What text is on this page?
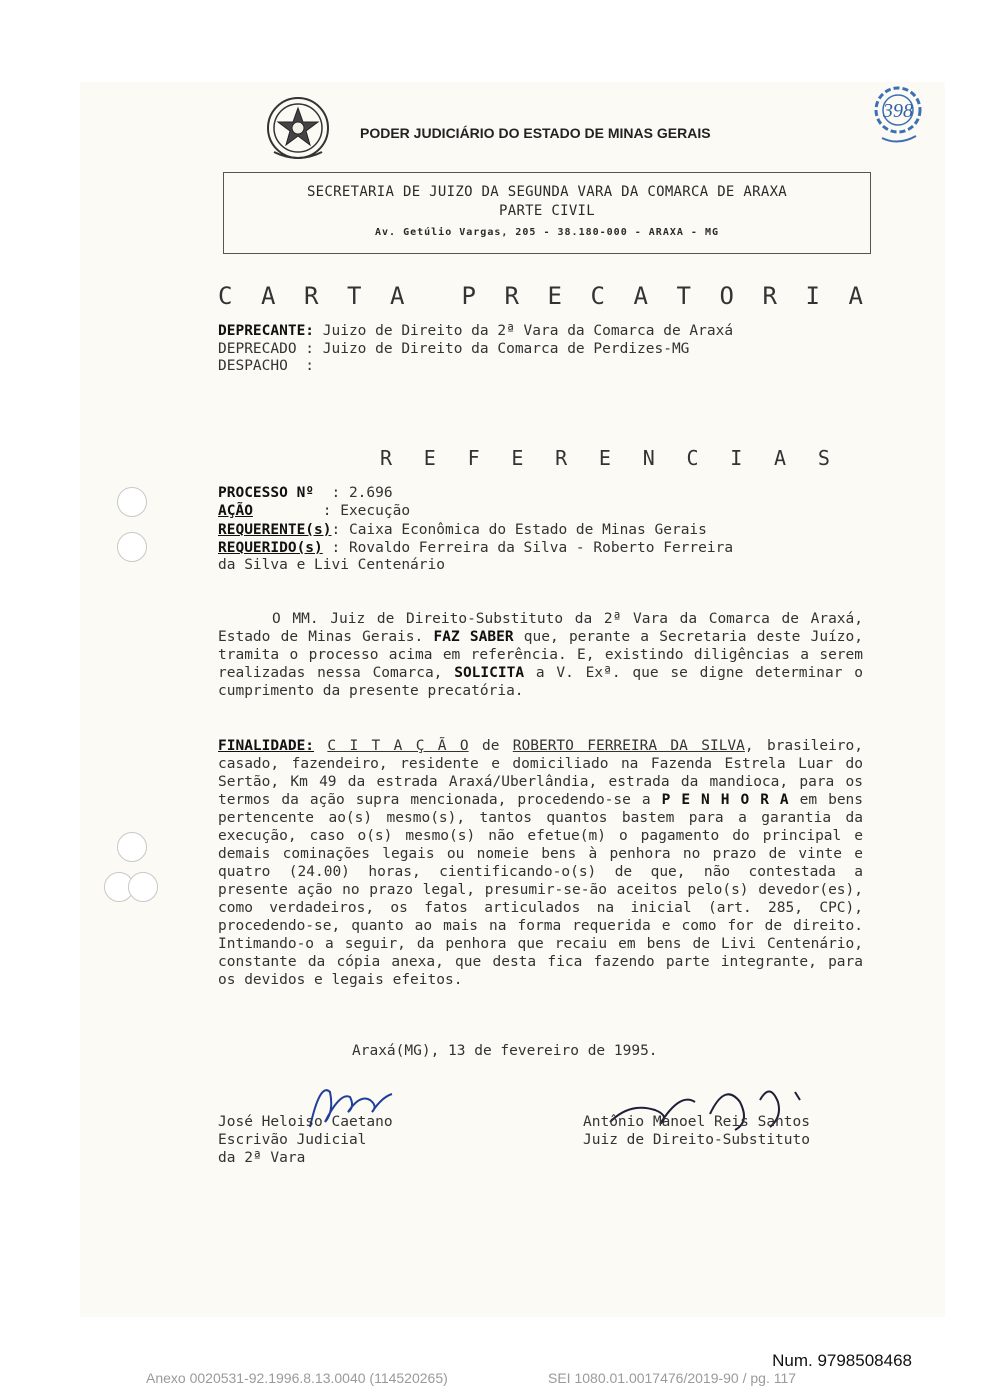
PODER JUDICIÁRIO DO ESTADO DE MINAS GERAIS
398
SECRETARIA DE JUIZO DA SEGUNDA VARA DA COMARCA DE ARAXA
PARTE CIVIL
Av. Getúlio Vargas, 205 - 38.180-000 - ARAXA - MG
C A R T A P R E C A T O R I A
DEPRECANTE: Juizo de Direito da 2ª Vara da Comarca de Araxá
DEPRECADO : Juizo de Direito da Comarca de Perdizes-MG
DESPACHO  :
R E F E R E N C I A S
PROCESSO Nº  : 2.696
AÇÃO        : Execução
REQUERENTE(s): Caixa Econômica do Estado de Minas Gerais
REQUERIDO(s) : Rovaldo Ferreira da Silva - Roberto Ferreira
da Silva e Livi Centenário
O MM. Juiz de Direito-Substituto da 2ª Vara da Comarca de Araxá, Estado de Minas Gerais. FAZ SABER que, perante a Secretaria deste Juízo, tramita o processo acima em referência. E, existindo diligências a serem realizadas nessa Comarca, SOLICITA a V. Exª. que se digne determinar o cumprimento da presente precatória.
FINALIDADE: C I T A Ç Ã O de ROBERTO FERREIRA DA SILVA, brasileiro, casado, fazendeiro, residente e domiciliado na Fazenda Estrela Luar do Sertão, Km 49 da estrada Araxá/Uberlândia, estrada da mandioca, para os termos da ação supra mencionada, procedendo-se a P E N H O R A em bens pertencente ao(s) mesmo(s), tantos quantos bastem para a garantia da execução, caso o(s) mesmo(s) não efetue(m) o pagamento do principal e demais cominações legais ou nomeie bens à penhora no prazo de vinte e quatro (24.00) horas, cientificando-o(s) de que, não contestada a presente ação no prazo legal, presumir-se-ão aceitos pelo(s) devedor(es), como verdadeiros, os fatos articulados na inicial (art. 285, CPC), procedendo-se, quanto ao mais na forma requerida e como for de direito. Intimando-o a seguir, da penhora que recaiu em bens de Livi Centenário, constante da cópia anexa, que desta fica fazendo parte integrante, para os devidos e legais efeitos.
Araxá(MG), 13 de fevereiro de 1995.
José Heloiso Caetano
Escrivão Judicial
da 2ª Vara
Antônio Manoel Reis Santos
Juiz de Direito-Substituto
Num. 9798508468
Anexo 0020531-92.1996.8.13.0040 (114520265)	SEI 1080.01.0017476/2019-90 / pg. 117
